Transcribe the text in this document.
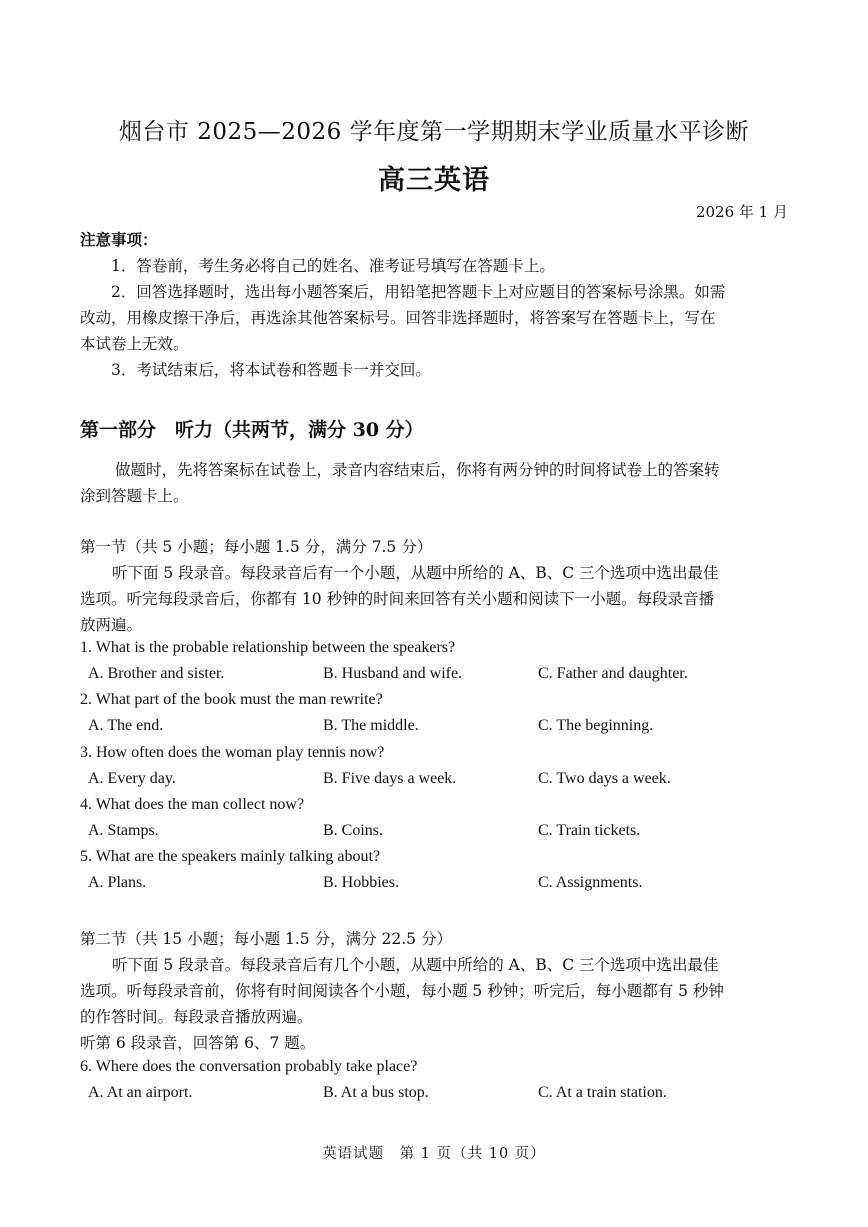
烟台市 2025—2026 学年度第一学期期末学业质量水平诊断
高三英语
2026 年 1 月
注意事项：
1．答卷前，考生务必将自己的姓名、准考证号填写在答题卡上。
2．回答选择题时，选出每小题答案后，用铅笔把答题卡上对应题目的答案标号涂黑。如需
改动，用橡皮擦干净后，再选涂其他答案标号。回答非选择题时，将答案写在答题卡上，写在
本试卷上无效。
3．考试结束后，将本试卷和答题卡一并交回。
第一部分　听力（共两节，满分 30 分）
做题时，先将答案标在试卷上，录音内容结束后，你将有两分钟的时间将试卷上的答案转
涂到答题卡上。
第一节（共 5 小题；每小题 1.5 分，满分 7.5 分）
听下面 5 段录音。每段录音后有一个小题，从题中所给的 A、B、C 三个选项中选出最佳
选项。听完每段录音后，你都有 10 秒钟的时间来回答有关小题和阅读下一小题。每段录音播
放两遍。
1. What is the probable relationship between the speakers?
A. Brother and sister.	B. Husband and wife.	C. Father and daughter.
2. What part of the book must the man rewrite?
A. The end.	B. The middle.	C. The beginning.
3. How often does the woman play tennis now?
A. Every day.	B. Five days a week.	C. Two days a week.
4. What does the man collect now?
A. Stamps.	B. Coins.	C. Train tickets.
5. What are the speakers mainly talking about?
A. Plans.	B. Hobbies.	C. Assignments.
第二节（共 15 小题；每小题 1.5 分，满分 22.5 分）
听下面 5 段录音。每段录音后有几个小题，从题中所给的 A、B、C 三个选项中选出最佳
选项。听每段录音前，你将有时间阅读各个小题，每小题 5 秒钟；听完后，每小题都有 5 秒钟
的作答时间。每段录音播放两遍。
听第 6 段录音，回答第 6、7 题。
6. Where does the conversation probably take place?
A. At an airport.	B. At a bus stop.	C. At a train station.
英语试题　第 1 页（共 10 页）
